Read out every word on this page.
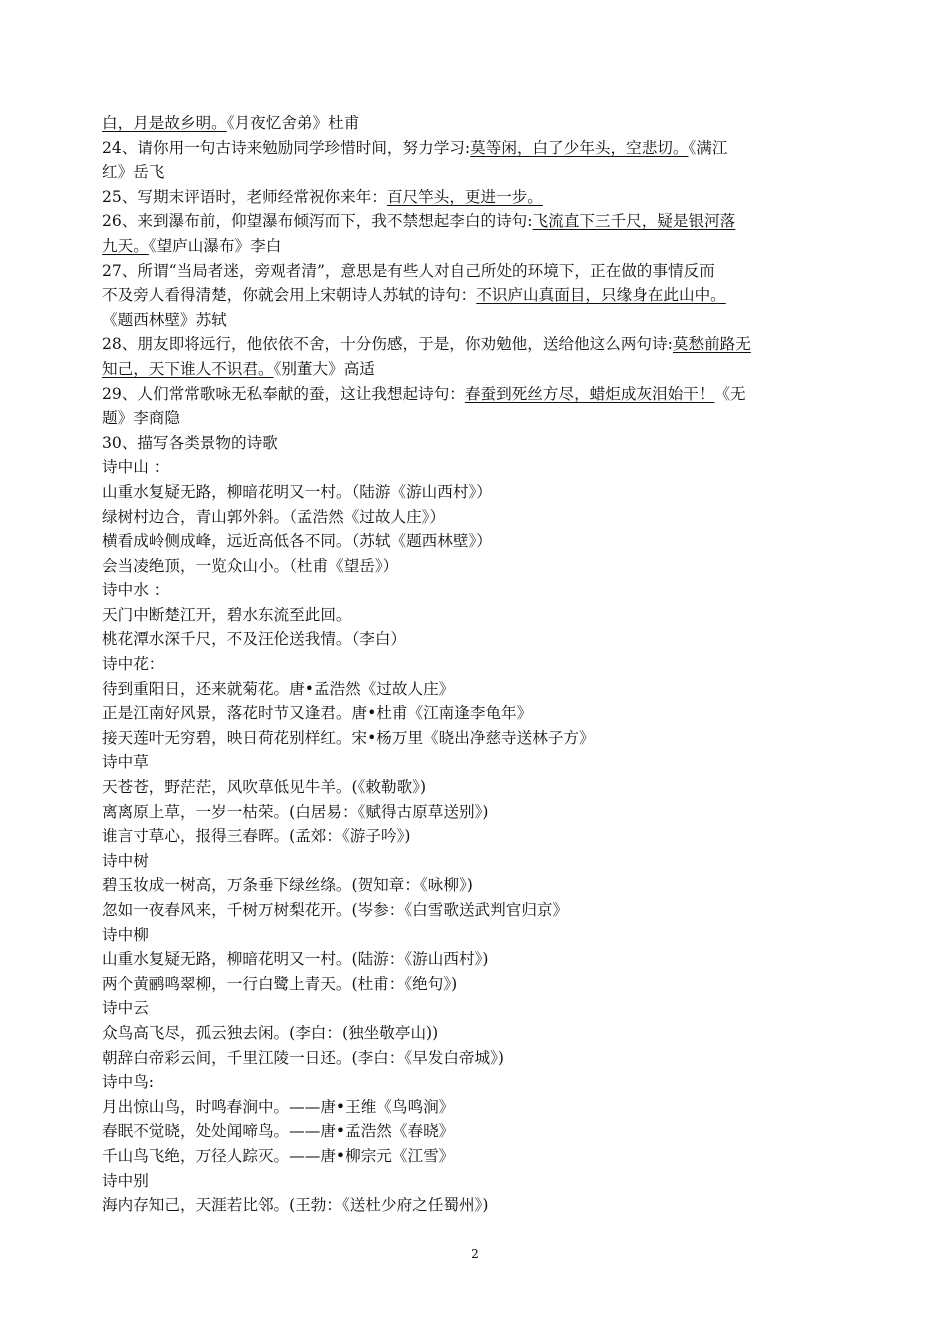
白，月是故乡明。《月夜忆舍弟》杜甫
24、请你用一句古诗来勉励同学珍惜时间，努力学习:莫等闲，白了少年头，空悲切。《满江
红》岳飞
25、写期末评语时，老师经常祝你来年：百尺竿头，更进一步。
26、来到瀑布前，仰望瀑布倾泻而下，我不禁想起李白的诗句:飞流直下三千尺，疑是银河落
九天。《望庐山瀑布》李白
27、所谓“当局者迷，旁观者清”，意思是有些人对自己所处的环境下，正在做的事情反而
不及旁人看得清楚，你就会用上宋朝诗人苏轼的诗句：不识庐山真面目，只缘身在此山中。
《题西林壁》苏轼
28、朋友即将远行，他依依不舍，十分伤感，于是，你劝勉他，送给他这么两句诗:莫愁前路无
知己，天下谁人不识君。《别董大》高适
29、人们常常歌咏无私奉献的蚕，这让我想起诗句：春蚕到死丝方尽，蜡炬成灰泪始干！《无
题》李商隐
30、描写各类景物的诗歌
诗中山 ：
山重水复疑无路，柳暗花明又一村。（陆游《游山西村》）
绿树村边合，青山郭外斜。（孟浩然《过故人庄》）
横看成岭侧成峰，远近高低各不同。（苏轼《题西林壁》）
会当凌绝顶，一览众山小。（杜甫《望岳》）
诗中水 ：
天门中断楚江开，碧水东流至此回。
桃花潭水深千尺，不及汪伦送我情。（李白）
诗中花：
待到重阳日，还来就菊花。唐•孟浩然《过故人庄》
正是江南好风景，落花时节又逢君。唐•杜甫《江南逢李龟年》
接天莲叶无穷碧，映日荷花别样红。宋•杨万里《晓出净慈寺送林子方》
诗中草
天苍苍，野茫茫，风吹草低见牛羊。(《敕勒歌》)
离离原上草，一岁一枯荣。(白居易：《赋得古原草送别》)
谁言寸草心，报得三春晖。(孟郊：《游子吟》)
诗中树
碧玉妆成一树高，万条垂下绿丝绦。(贺知章：《咏柳》)
忽如一夜春风来，千树万树梨花开。(岑参：《白雪歌送武判官归京》
诗中柳
山重水复疑无路，柳暗花明又一村。(陆游：《游山西村》)
两个黄鹂鸣翠柳，一行白鹭上青天。(杜甫：《绝句》)
诗中云
众鸟高飞尽，孤云独去闲。(李白：(独坐敬亭山))
朝辞白帝彩云间，千里江陵一日还。(李白：《早发白帝城》)
诗中鸟:
月出惊山鸟，时鸣春涧中。——唐•王维《鸟鸣涧》
春眠不觉晓，处处闻啼鸟。——唐•孟浩然《春晓》
千山鸟飞绝，万径人踪灭。——唐•柳宗元《江雪》
诗中别
海内存知己，天涯若比邻。(王勃：《送杜少府之任蜀州》)
2
